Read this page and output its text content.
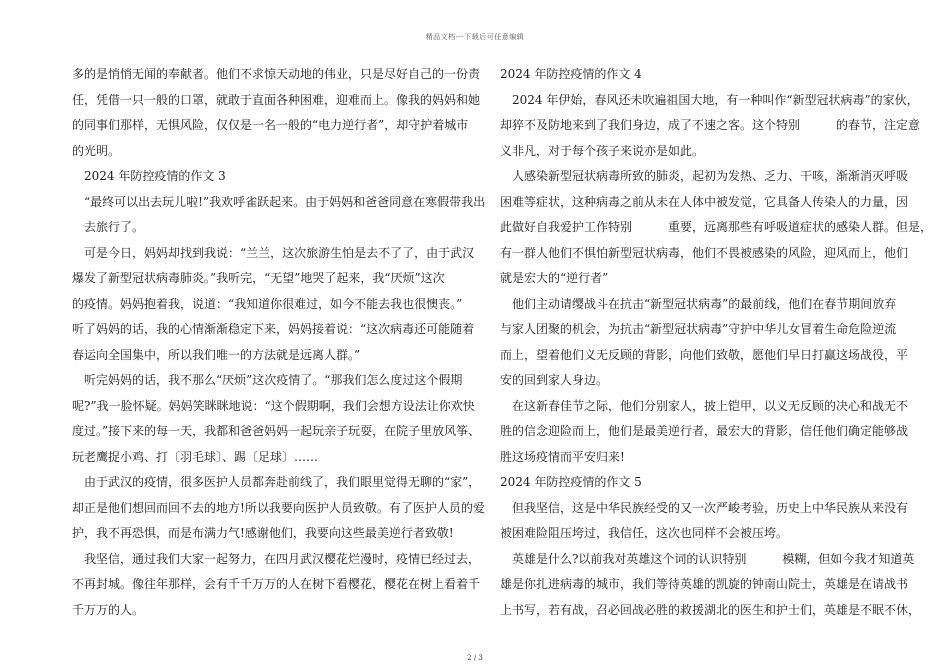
精品文档---下载后可任意编辑
多的是悄悄无闻的奉献者。他们不求惊天动地的伟业，只是尽好自己的一份责
任，凭借一只一般的口罩，就敢于直面各种困难，迎难而上。像我的妈妈和她
的同事们那样，无惧风险，仅仅是一名一般的“电力逆行者”，却守护着城市
的光明。
2024 年防控疫情的作文 3
“最终可以出去玩儿啦!”我欢呼雀跃起来。由于妈妈和爸爸同意在寒假带我出
去旅行了。
可是今日，妈妈却找到我说：“兰兰，这次旅游生怕是去不了了，由于武汉
爆发了新型冠状病毒肺炎。”我听完，“无望”地哭了起来，我“厌烦”这次
的疫情。妈妈抱着我，说道：“我知道你很难过，如今不能去我也很懊丧。”
听了妈妈的话，我的心情渐渐稳定下来，妈妈接着说：“这次病毒还可能随着
春运向全国集中，所以我们唯一的方法就是远离人群。”
听完妈妈的话，我不那么“厌烦”这次疫情了。“那我们怎么度过这个假期
呢?”我一脸怀疑。妈妈笑眯眯地说：“这个假期啊，我们会想方设法让你欢快
度过。”接下来的每一天，我都和爸爸妈妈一起玩亲子玩耍，在院子里放风筝、
玩老鹰捉小鸡、打〔羽毛球〕、踢〔足球〕……
由于武汉的疫情，很多医护人员都奔赴前线了，我们眼里觉得无聊的“家”，
却正是他们想回而回不去的地方!所以我要向医护人员致敬。有了医护人员的爱
护，我不再恐惧，而是布满力气!感谢他们，我要向这些最美逆行者致敬!
我坚信，通过我们大家一起努力，在四月武汉樱花烂漫时，疫情已经过去，
不再封城。像往年那样，会有千千万万的人在树下看樱花，樱花在树上看着千
千万万的人。
2024 年防控疫情的作文 4
2024 年伊始，春风还未吹遍祖国大地，有一种叫作“新型冠状病毒”的家伙，
却猝不及防地来到了我们身边，成了不速之客。这个特别　　　的春节，注定意
义非凡，对于每个孩子来说亦是如此。
人感染新型冠状病毒所致的肺炎，起初为发热、乏力、干咳，渐渐消灭呼吸
困难等症状，这种病毒之前从未在人体中被发觉，它具备人传染人的力量，因
此做好自我爱护工作特别　　　重要，远离那些有呼吸道症状的感染人群。但是，
有一群人他们不惧怕新型冠状病毒，他们不畏被感染的风险，迎风而上，他们
就是宏大的“逆行者”
他们主动请缨战斗在抗击“新型冠状病毒”的最前线，他们在春节期间放弃
与家人团聚的机会，为抗击“新型冠状病毒”守护中华儿女冒着生命危险逆流
而上，望着他们义无反顾的背影，向他们致敬，愿他们早日打赢这场战役，平
安的回到家人身边。
在这新春佳节之际，他们分别家人，披上铠甲，以义无反顾的决心和战无不
胜的信念迎险而上，他们是最美逆行者，最宏大的背影，信任他们确定能够战
胜这场疫情而平安归来!
2024 年防控疫情的作文 5
但我坚信，这是中华民族经受的又一次严峻考验，历史上中华民族从来没有
被困难险阻压垮过，我信任，这次也同样不会被压垮。
英雄是什么?以前我对英雄这个词的认识特别　　　模糊，但如今我才知道英
雄是你扎进病毒的城市，我们等待英雄的凯旋的钟南山院士，英雄是在请战书
上书写，若有战，召必回战必胜的救援湖北的医生和护士们，英雄是不眠不休，
2 / 3
